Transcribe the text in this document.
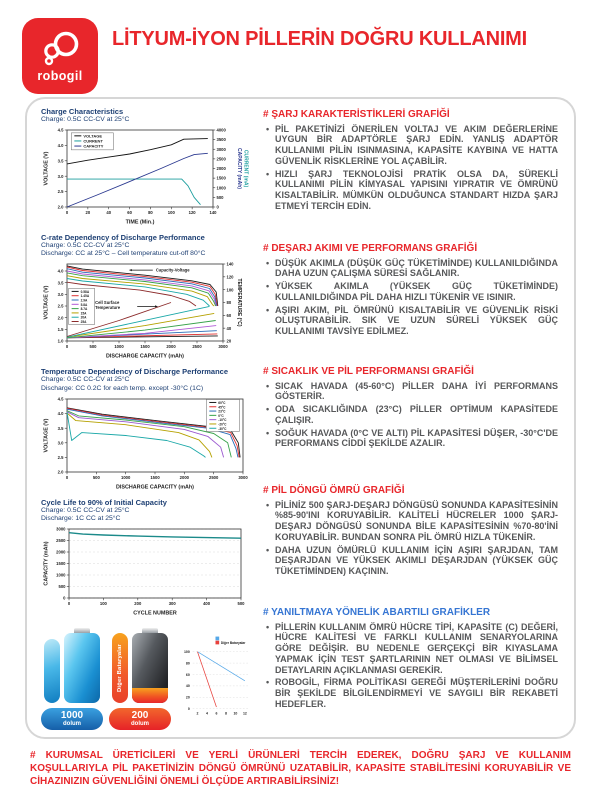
robogil
LİTYUM-İYON PİLLERİN DOĞRU KULLANIMI
Charge Characteristics
Charge: 0.5C CC-CV at 25°C
0	20	40	60	80	100	120	140
2.0
2.5
3.0
3.5
4.0
4.5
0
500
1000
1500
2000
2500
3000
3500
4000
TIME (Min.)
VOLTAGE (V)	CAPACITY (mAh) CURRENT (mA)
VOLTAGE
CURRENT
CAPACITY
C-rate Dependency of Discharge Performance
Charge: 0.5C CC-CV at 25°C
Discharge: CC at 25°C – Cell temperature cut-off 80°C
0	500	1000	1500	2000	2500	3000
1.0
1.5
2.0
2.5
3.0
3.5
4.0
20
40
60
80
100
120
140
DISCHARGE CAPACITY (mAh)
VOLTAGE (V)	TEMPERATURE (°C)
0.58A
1.45A
2.9A
5.8A
8.7A
15A
20A
25A
Capacity-Voltage
Cell Surface
Temperature
Temperature Dependency of Discharge Performance
Charge: 0.5C CC-CV at 25°C
Discharge: CC 0.2C for each temp. except -30°C (1C)
0	500	1000	1500	2000	2500	3000
2.0
2.5
3.0
3.5
4.0
4.5
DISCHARGE CAPACITY (mAh)
VOLTAGE (V)
60°C
45°C
23°C
0°C
-10°C
-20°C
-30°C
Cycle Life to 90% of Initial Capacity
Charge: 0.5C CC-CV at 25°C
Discharge: 1C CC at 25°C
0	100	200	300	400	500
0
500
1000
1500
2000
2500
3000
CYCLE NUMBER
CAPACITY (mAh)
1000
dolum
Diğer Bataryalar
200
dolum
2 4 6 8 10 12
0
20
40
60
80
100
Diğer Bataryalar
# ŞARJ KARAKTERİSTİKLERİ GRAFİĞİ
• PİL PAKETİNİZİ ÖNERİLEN VOLTAJ VE AKIM DEĞERLERİNE UYGUN BİR ADAPTÖRLE ŞARJ EDİN. YANLIŞ ADAPTÖR KULLANIMI PİLİN ISINMASINA, KAPASİTE KAYBINA VE HATTA GÜVENLİK RİSKLERİNE YOL AÇABİLİR.
• HIZLI ŞARJ TEKNOLOJİSİ PRATİK OLSA DA, SÜREKLİ KULLANIMI PİLİN KİMYASAL YAPISINI YIPRATIR VE ÖMRÜNÜ KISALTABİLİR. MÜMKÜN OLDUĞUNCA STANDART HIZDA ŞARJ ETMEYİ TERCİH EDİN.
# DEŞARJ AKIMI VE PERFORMANS GRAFİĞİ
• DÜŞÜK AKIMLA (DÜŞÜK GÜÇ TÜKETİMİNDE) KULLANILDIĞINDA DAHA UZUN ÇALIŞMA SÜRESİ SAĞLANIR.
• YÜKSEK AKIMLA (YÜKSEK GÜÇ TÜKETİMİNDE) KULLANILDIĞINDA PİL DAHA HIZLI TÜKENİR VE ISINIR.
• AŞIRI AKIM, PİL ÖMRÜNÜ KISALTABİLİR VE GÜVENLİK RİSKİ OLUŞTURABİLİR. SIK VE UZUN SÜRELİ YÜKSEK GÜÇ KULLANIMI TAVSİYE EDİLMEZ.
# SICAKLIK VE PİL PERFORMANSI GRAFİĞİ
• SICAK HAVADA (45-60°C) PİLLER DAHA İYİ PERFORMANS GÖSTERİR.
• ODA SICAKLIĞINDA (23°C) PİLLER OPTİMUM KAPASİTEDE ÇALIŞIR.
• SOĞUK HAVADA (0°C VE ALTI) PİL KAPASİTESİ DÜŞER, -30°C'DE PERFORMANS CİDDİ ŞEKİLDE AZALIR.
# PİL DÖNGÜ ÖMRÜ GRAFİĞİ
• PİLİNİZ 500 ŞARJ-DEŞARJ DÖNGÜSÜ SONUNDA KAPASİTESİNİN %85-90'INI KORUYABİLİR. KALİTELİ HÜCRELER 1000 ŞARJ-DEŞARJ DÖNGÜSÜ SONUNDA BİLE KAPASİTESİNİN %70-80'İNİ KORUYABİLİR. BUNDAN SONRA PİL ÖMRÜ HIZLA TÜKENİR.
• DAHA UZUN ÖMÜRLÜ KULLANIM İÇİN AŞIRI ŞARJDAN, TAM DEŞARJDAN VE YÜKSEK AKIMLI DEŞARJDAN (YÜKSEK GÜÇ TÜKETİMİNDEN) KAÇININ.
# YANILTMAYA YÖNELİK ABARTILI GRAFİKLER
• PİLLERİN KULLANIM ÖMRÜ HÜCRE TİPİ, KAPASİTE (C) DEĞERİ, HÜCRE KALİTESİ VE FARKLI KULLANIM SENARYOLARINA GÖRE DEĞİŞİR. BU NEDENLE GERÇEKÇİ BİR KIYASLAMA YAPMAK İÇİN TEST ŞARTLARININ NET OLMASI VE BİLİMSEL DETAYLARIN AÇIKLANMASI GEREKİR.
• ROBOGİL, FİRMA POLİTİKASI GEREĞİ MÜŞTERİLERİNİ DOĞRU BİR ŞEKİLDE BİLGİLENDİRMEYİ VE SAYGILI BİR REKABETİ HEDEFLER.
# KURUMSAL ÜRETİCİLERİ VE YERLİ ÜRÜNLERİ TERCİH EDEREK, DOĞRU ŞARJ VE KULLANIM KOŞULLARIYLA PİL PAKETİNİZİN DÖNGÜ ÖMRÜNÜ UZATABİLİR, KAPASİTE STABİLİTESİNİ KORUYABİLİR VE CİHAZINIZIN GÜVENLİĞİNİ ÖNEMLİ ÖLÇÜDE ARTIRABİLİRSİNİZ!
